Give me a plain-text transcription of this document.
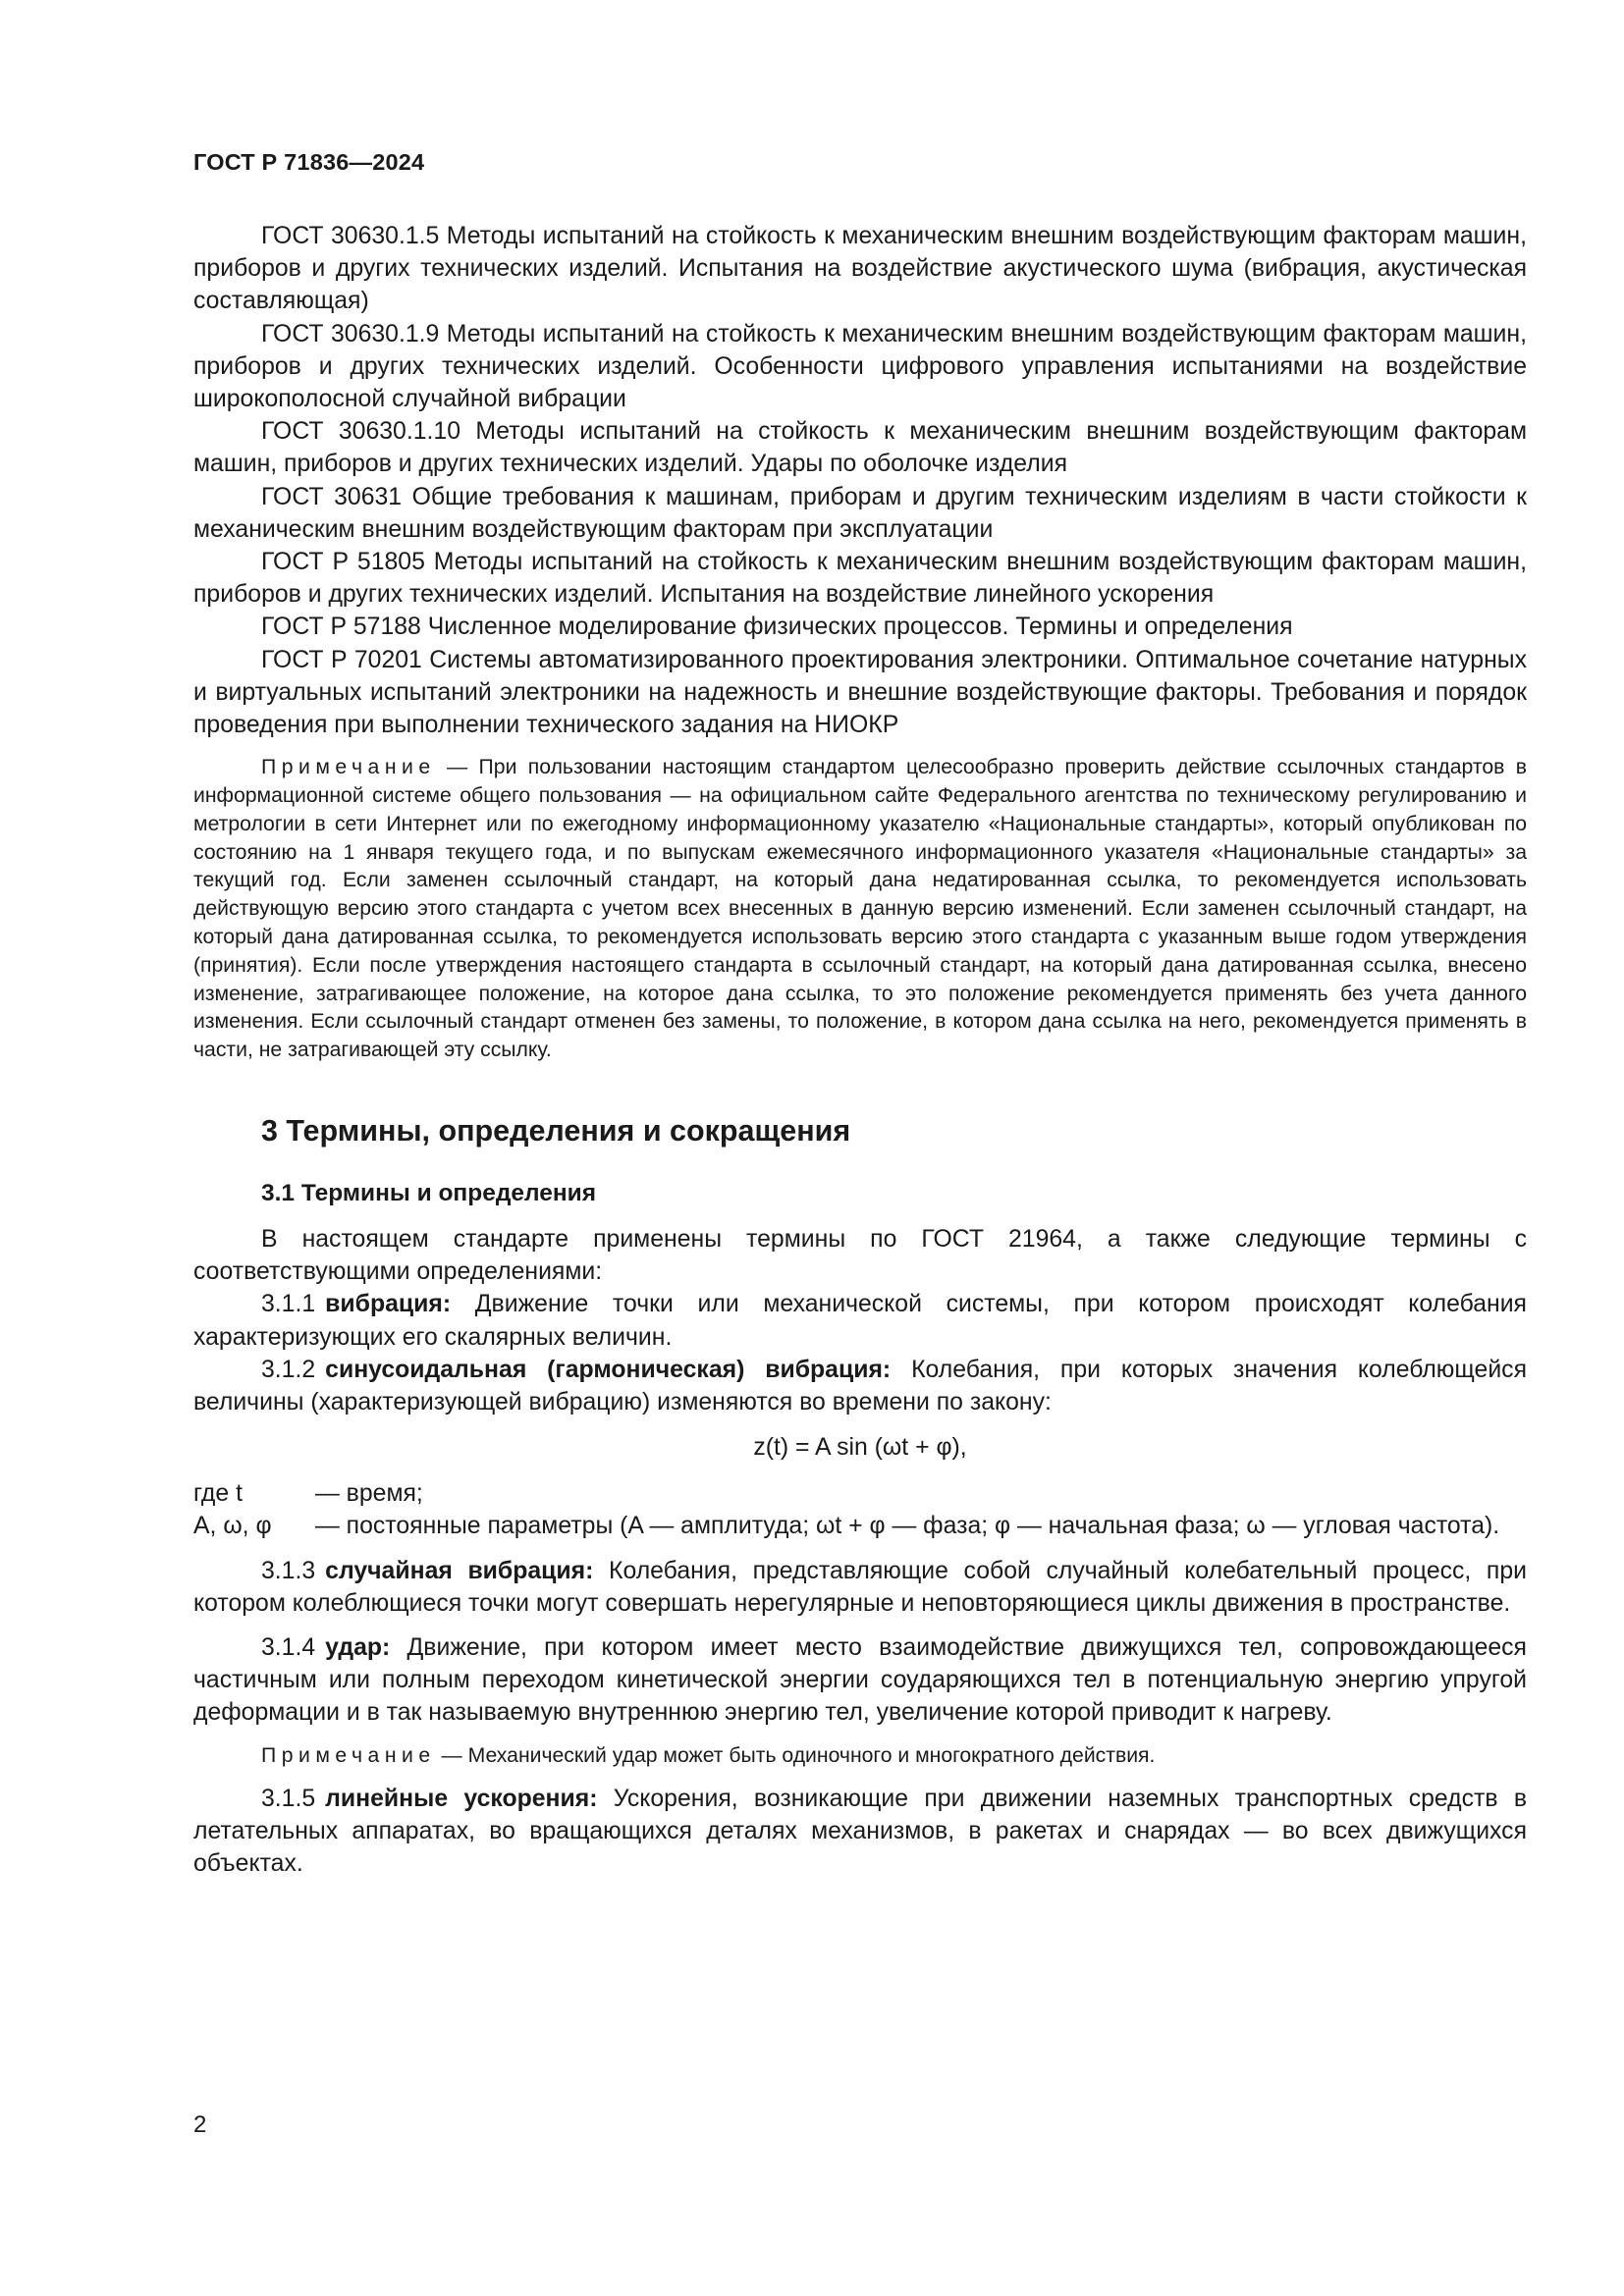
ГОСТ Р 71836—2024

ГОСТ 30630.1.5 Методы испытаний на стойкость к механическим внешним воздействующим факторам машин, приборов и других технических изделий. Испытания на воздействие акустического шума (вибрация, акустическая составляющая)

ГОСТ 30630.1.9 Методы испытаний на стойкость к механическим внешним воздействующим факторам машин, приборов и других технических изделий. Особенности цифрового управления испытаниями на воздействие широкополосной случайной вибрации

ГОСТ 30630.1.10 Методы испытаний на стойкость к механическим внешним воздействующим факторам машин, приборов и других технических изделий. Удары по оболочке изделия

ГОСТ 30631 Общие требования к машинам, приборам и другим техническим изделиям в части стойкости к механическим внешним воздействующим факторам при эксплуатации

ГОСТ Р 51805 Методы испытаний на стойкость к механическим внешним воздействующим факторам машин, приборов и других технических изделий. Испытания на воздействие линейного ускорения

ГОСТ Р 57188 Численное моделирование физических процессов. Термины и определения

ГОСТ Р 70201 Системы автоматизированного проектирования электроники. Оптимальное сочетание натурных и виртуальных испытаний электроники на надежность и внешние воздействующие факторы. Требования и порядок проведения при выполнении технического задания на НИОКР

Примечание — При пользовании настоящим стандартом целесообразно проверить действие ссылочных стандартов в информационной системе общего пользования — на официальном сайте Федерального агентства по техническому регулированию и метрологии в сети Интернет или по ежегодному информационному указателю «Национальные стандарты», который опубликован по состоянию на 1 января текущего года, и по выпускам ежемесячного информационного указателя «Национальные стандарты» за текущий год. Если заменен ссылочный стандарт, на который дана недатированная ссылка, то рекомендуется использовать действующую версию этого стандарта с учетом всех внесенных в данную версию изменений. Если заменен ссылочный стандарт, на который дана датированная ссылка, то рекомендуется использовать версию этого стандарта с указанным выше годом утверждения (принятия). Если после утверждения настоящего стандарта в ссылочный стандарт, на который дана датированная ссылка, внесено изменение, затрагивающее положение, на которое дана ссылка, то это положение рекомендуется применять без учета данного изменения. Если ссылочный стандарт отменен без замены, то положение, в котором дана ссылка на него, рекомендуется применять в части, не затрагивающей эту ссылку.

3 Термины, определения и сокращения
3.1 Термины и определения

В настоящем стандарте применены термины по ГОСТ 21964, а также следующие термины с соответствующими определениями:

3.1.1 вибрация: Движение точки или механической системы, при котором происходят колебания характеризующих его скалярных величин.

3.1.2 синусоидальная (гармоническая) вибрация: Колебания, при которых значения колеблющейся величины (характеризующей вибрацию) изменяются во времени по закону:

z(t) = A sin (ωt + φ),
где t	— время;
A, ω, φ	— постоянные параметры (A — амплитуда; ωt + φ — фаза; φ — начальная фаза; ω — угловая частота).

3.1.3 случайная вибрация: Колебания, представляющие собой случайный колебательный процесс, при котором колеблющиеся точки могут совершать нерегулярные и неповторяющиеся циклы движения в пространстве.

3.1.4 удар: Движение, при котором имеет место взаимодействие движущихся тел, сопровождающееся частичным или полным переходом кинетической энергии соударяющихся тел в потенциальную энергию упругой деформации и в так называемую внутреннюю энергию тел, увеличение которой приводит к нагреву.

Примечание — Механический удар может быть одиночного и многократного действия.

3.1.5 линейные ускорения: Ускорения, возникающие при движении наземных транспортных средств в летательных аппаратах, во вращающихся деталях механизмов, в ракетах и снарядах — во всех движущихся объектах.

2
